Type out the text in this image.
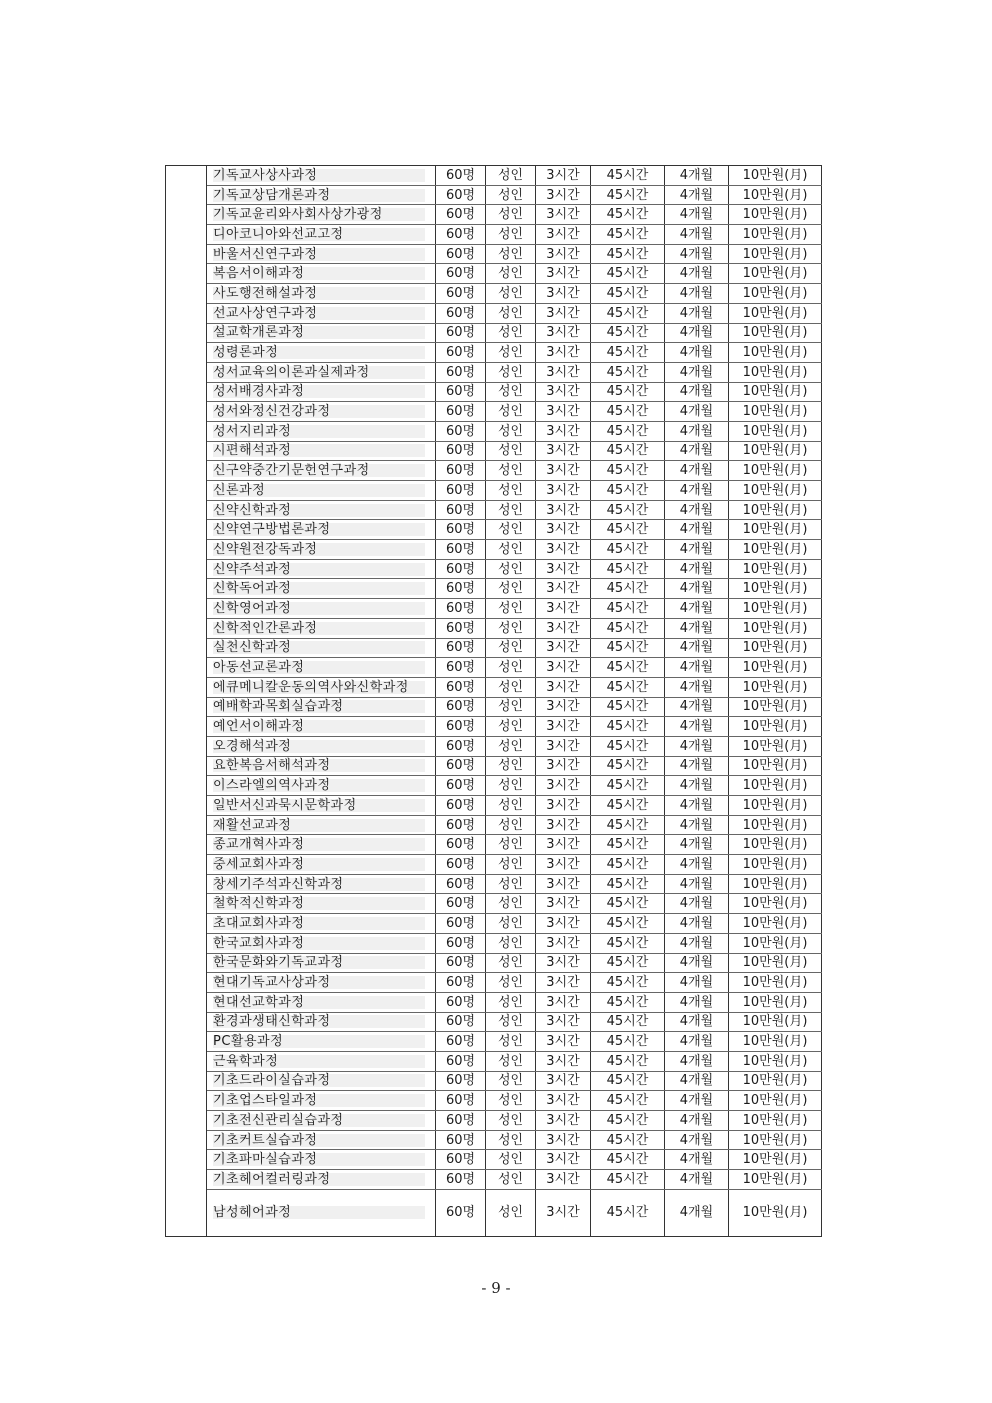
	기독교사상사과정	60명	성인	3시간	45시간	4개월	10만원(月)
	기독교상담개론과정	60명	성인	3시간	45시간	4개월	10만원(月)
	기독교윤리와사회사상가광정	60명	성인	3시간	45시간	4개월	10만원(月)
	디아코니아와선교고정	60명	성인	3시간	45시간	4개월	10만원(月)
	바울서신연구과정	60명	성인	3시간	45시간	4개월	10만원(月)
	복음서이해과정	60명	성인	3시간	45시간	4개월	10만원(月)
	사도행전해설과정	60명	성인	3시간	45시간	4개월	10만원(月)
	선교사상연구과정	60명	성인	3시간	45시간	4개월	10만원(月)
	설교학개론과정	60명	성인	3시간	45시간	4개월	10만원(月)
	성령론과정	60명	성인	3시간	45시간	4개월	10만원(月)
	성서교육의이론과실제과정	60명	성인	3시간	45시간	4개월	10만원(月)
	성서배경사과정	60명	성인	3시간	45시간	4개월	10만원(月)
	성서와정신건강과정	60명	성인	3시간	45시간	4개월	10만원(月)
	성서지리과정	60명	성인	3시간	45시간	4개월	10만원(月)
	시편해석과정	60명	성인	3시간	45시간	4개월	10만원(月)
	신구약중간기문헌연구과정	60명	성인	3시간	45시간	4개월	10만원(月)
	신론과정	60명	성인	3시간	45시간	4개월	10만원(月)
	신약신학과정	60명	성인	3시간	45시간	4개월	10만원(月)
	신약연구방법론과정	60명	성인	3시간	45시간	4개월	10만원(月)
	신약원전강독과정	60명	성인	3시간	45시간	4개월	10만원(月)
	신약주석과정	60명	성인	3시간	45시간	4개월	10만원(月)
	신학독어과정	60명	성인	3시간	45시간	4개월	10만원(月)
	신학영어과정	60명	성인	3시간	45시간	4개월	10만원(月)
	신학적인간론과정	60명	성인	3시간	45시간	4개월	10만원(月)
	실천신학과정	60명	성인	3시간	45시간	4개월	10만원(月)
	아동선교론과정	60명	성인	3시간	45시간	4개월	10만원(月)
	에큐메니칼운동의역사와신학과정	60명	성인	3시간	45시간	4개월	10만원(月)
	예배학과목회실습과정	60명	성인	3시간	45시간	4개월	10만원(月)
	예언서이해과정	60명	성인	3시간	45시간	4개월	10만원(月)
	오경해석과정	60명	성인	3시간	45시간	4개월	10만원(月)
	요한복음서해석과정	60명	성인	3시간	45시간	4개월	10만원(月)
	이스라엘의역사과정	60명	성인	3시간	45시간	4개월	10만원(月)
	일반서신과묵시문학과정	60명	성인	3시간	45시간	4개월	10만원(月)
	재활선교과정	60명	성인	3시간	45시간	4개월	10만원(月)
	종교개혁사과정	60명	성인	3시간	45시간	4개월	10만원(月)
	중세교회사과정	60명	성인	3시간	45시간	4개월	10만원(月)
	창세기주석과신학과정	60명	성인	3시간	45시간	4개월	10만원(月)
	철학적신학과정	60명	성인	3시간	45시간	4개월	10만원(月)
	초대교회사과정	60명	성인	3시간	45시간	4개월	10만원(月)
	한국교회사과정	60명	성인	3시간	45시간	4개월	10만원(月)
	한국문화와기독교과정	60명	성인	3시간	45시간	4개월	10만원(月)
	현대기독교사상과정	60명	성인	3시간	45시간	4개월	10만원(月)
	현대선교학과정	60명	성인	3시간	45시간	4개월	10만원(月)
	환경과생태신학과정	60명	성인	3시간	45시간	4개월	10만원(月)
	PC활용과정	60명	성인	3시간	45시간	4개월	10만원(月)
	근육학과정	60명	성인	3시간	45시간	4개월	10만원(月)
	기초드라이실습과정	60명	성인	3시간	45시간	4개월	10만원(月)
	기초업스타일과정	60명	성인	3시간	45시간	4개월	10만원(月)
	기초전신관리실습과정	60명	성인	3시간	45시간	4개월	10만원(月)
	기초커트실습과정	60명	성인	3시간	45시간	4개월	10만원(月)
	기초파마실습과정	60명	성인	3시간	45시간	4개월	10만원(月)
	기초헤어컬러링과정	60명	성인	3시간	45시간	4개월	10만원(月)
	남성헤어과정	60명	성인	3시간	45시간	4개월	10만원(月)
- 9 -
